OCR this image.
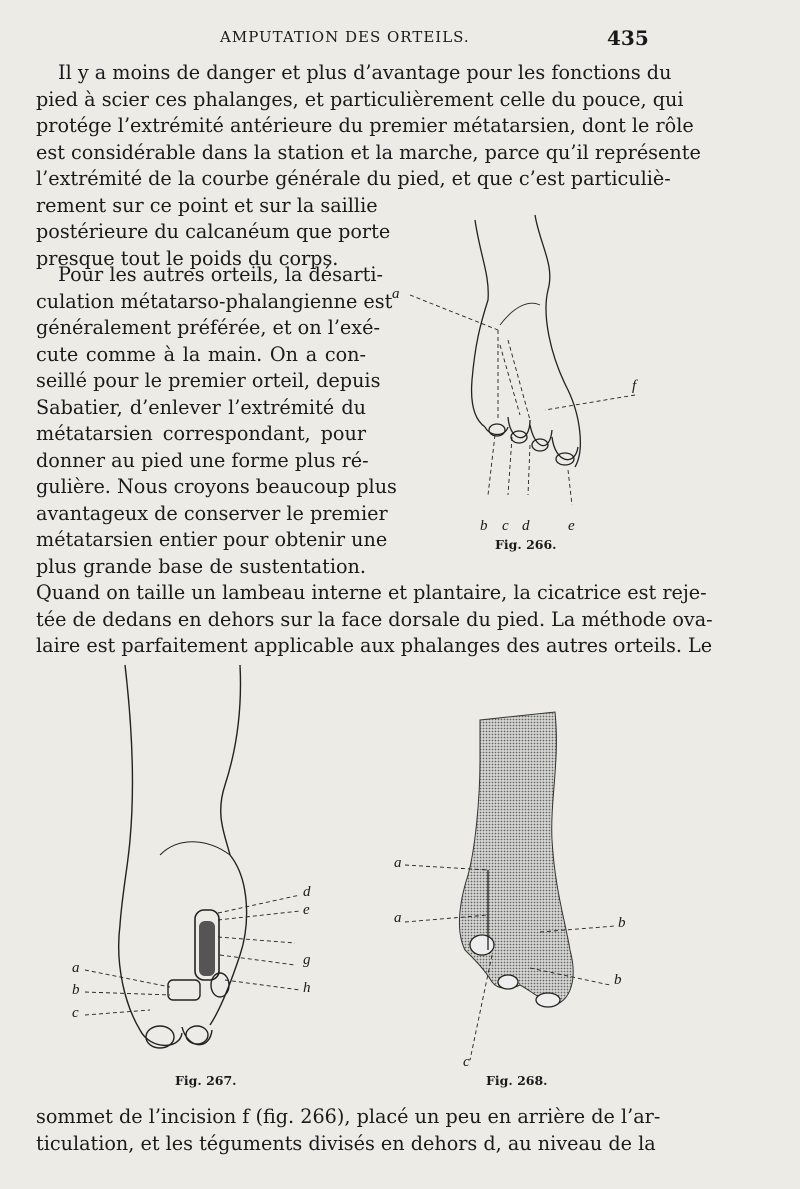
AMPUTATION DES ORTEILS.	435
Il y a moins de danger et plus d’avantage pour les fonctions du
pied à scier ces phalanges, et particulièrement celle du pouce, qui
protége l’extrémité antérieure du premier métatarsien, dont le rôle
est considérable dans la station et la marche, parce qu’il représente
l’extrémité de la courbe générale du pied, et que c’est particuliè-
rement sur ce point et sur la saillie
postérieure du calcanéum que porte
presque tout le poids du corps.
Pour les autres orteils, la désarti-
culation métatarso-phalangienne est
généralement préférée, et on l’exé-
cute comme à la main. On a con-
seillé pour le premier orteil, depuis
Sabatier, d’enlever l’extrémité du
métatarsien correspondant, pour
donner au pied une forme plus ré-
gulière. Nous croyons beaucoup plus
avantageux de conserver le premier
métatarsien entier pour obtenir une
plus grande base de sustentation.
Quand on taille un lambeau interne et plantaire, la cicatrice est reje-
tée de dedans en dehors sur la face dorsale du pied. La méthode ova-
laire est parfaitement applicable aux phalanges des autres orteils. Le
sommet de l’incision f (fig. 266), placé un peu en arrière de l’ar-
ticulation, et les téguments divisés en dehors d, au niveau de la
a
f
b c d	e
Fig. 266.
d
e
g
h
a
b
c
Fig. 267.
a
a	b
b
c
Fig. 268.
